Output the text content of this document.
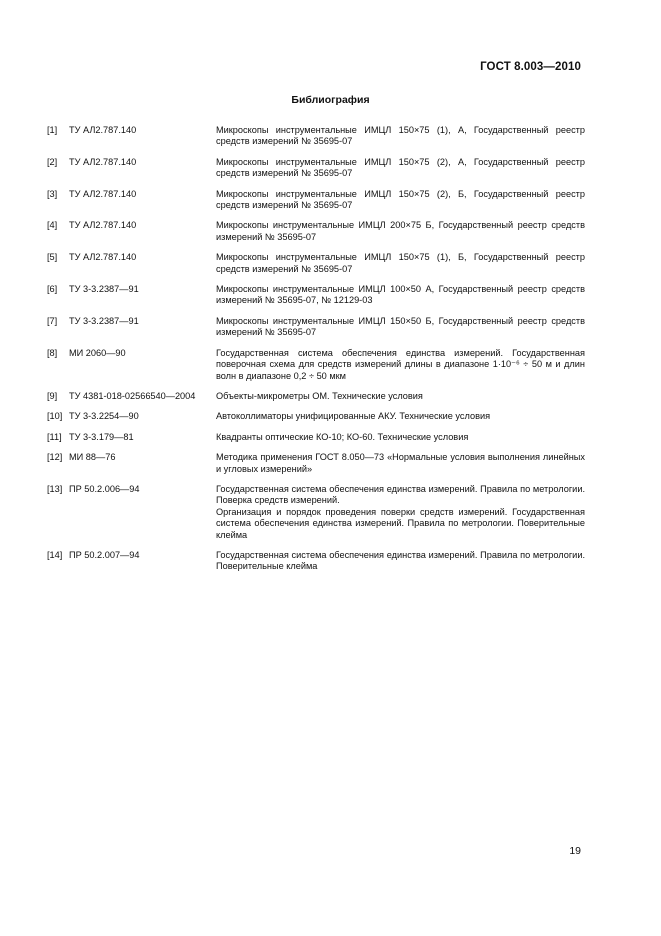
ГОСТ 8.003—2010
Библиография
[1]	ТУ АЛ2.787.140	Микроскопы инструментальные ИМЦЛ 150×75 (1), А, Государственный реестр средств измерений № 35695-07
[2]	ТУ АЛ2.787.140	Микроскопы инструментальные ИМЦЛ 150×75 (2), А, Государственный реестр средств измерений № 35695-07
[3]	ТУ АЛ2.787.140	Микроскопы инструментальные ИМЦЛ 150×75 (2), Б, Государственный реестр средств измерений № 35695-07
[4]	ТУ АЛ2.787.140	Микроскопы инструментальные ИМЦЛ 200×75 Б, Государственный реестр средств измерений № 35695-07
[5]	ТУ АЛ2.787.140	Микроскопы инструментальные ИМЦЛ 150×75 (1), Б, Государственный реестр средств измерений № 35695-07
[6]	ТУ 3-3.2387—91	Микроскопы инструментальные ИМЦЛ 100×50 А, Государственный реестр средств измерений № 35695-07, № 12129-03
[7]	ТУ 3-3.2387—91	Микроскопы инструментальные ИМЦЛ 150×50 Б, Государственный реестр средств измерений № 35695-07
[8]	МИ 2060—90	Государственная система обеспечения единства измерений. Государственная поверочная схема для средств измерений длины в диапазоне 1·10⁻⁶ ÷ 50 м и длин волн в диапазоне 0,2 ÷ 50 мкм
[9]	ТУ 4381-018-02566540—2004	Объекты-микрометры ОМ. Технические условия
[10] ТУ 3-3.2254—90	Автоколлиматоры унифицированные АКУ. Технические условия
[11] ТУ 3-3.179—81	Квадранты оптические КО-10; КО-60. Технические условия
[12] МИ 88—76	Методика применения ГОСТ 8.050—73 «Нормальные условия выполнения линейных и угловых измерений»
[13] ПР 50.2.006—94	Государственная система обеспечения единства измерений. Правила по метрологии. Поверка средств измерений.
Организация и порядок проведения поверки средств измерений. Государственная система обеспечения единства измерений. Правила по метрологии. Поверительные клейма
[14] ПР 50.2.007—94	Государственная система обеспечения единства измерений. Правила по метрологии. Поверительные клейма
19
